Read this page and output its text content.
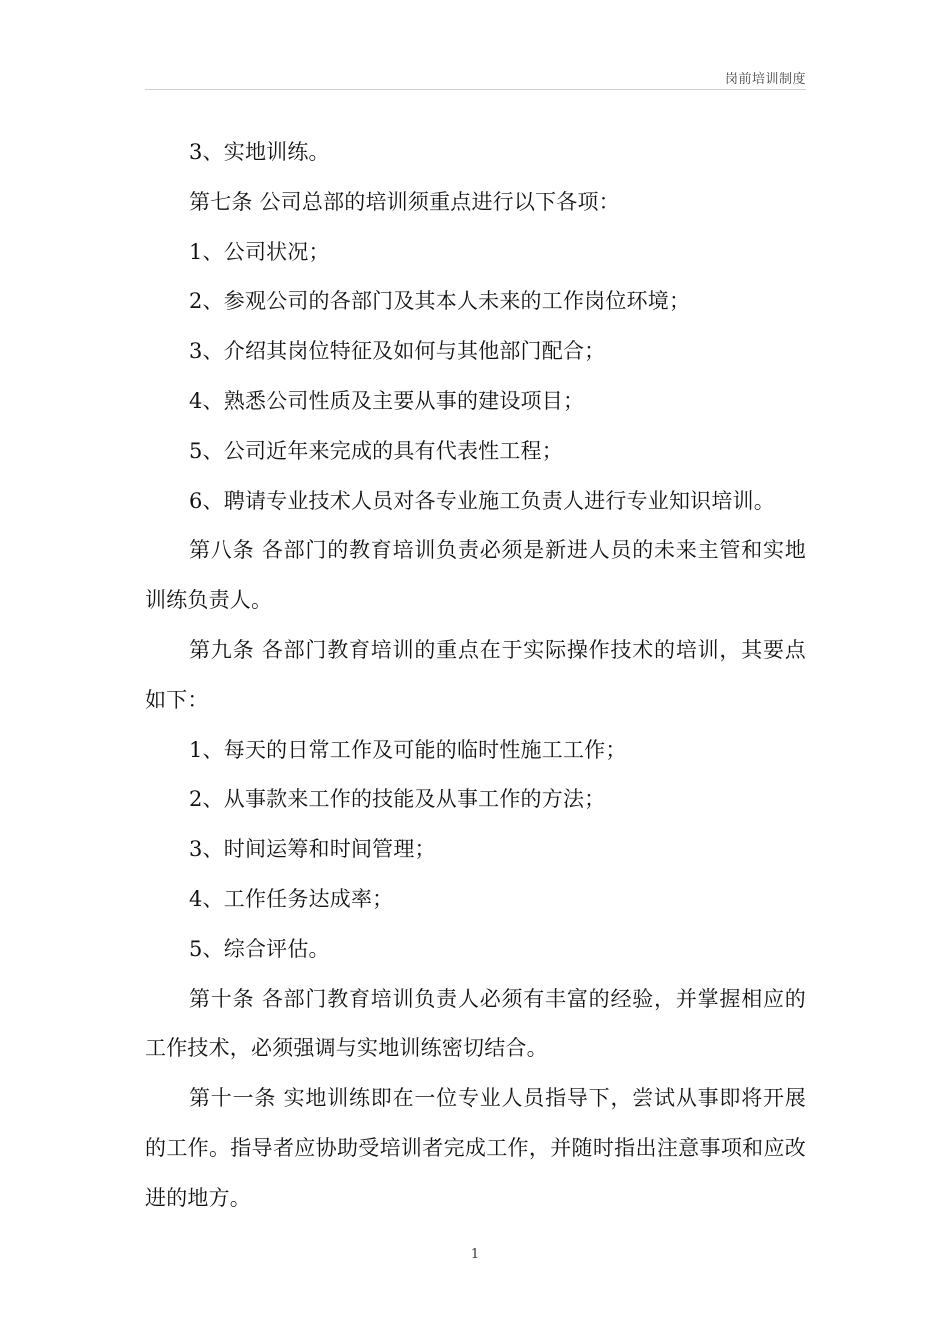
岗前培训制度

3、实地训练。

第七条 公司总部的培训须重点进行以下各项：

1、公司状况；

2、参观公司的各部门及其本人未来的工作岗位环境；

3、介绍其岗位特征及如何与其他部门配合；

4、熟悉公司性质及主要从事的建设项目；

5、公司近年来完成的具有代表性工程；

6、聘请专业技术人员对各专业施工负责人进行专业知识培训。

第八条 各部门的教育培训负责必须是新进人员的未来主管和实地训练负责人。

第九条 各部门教育培训的重点在于实际操作技术的培训，其要点如下：

1、每天的日常工作及可能的临时性施工工作；

2、从事款来工作的技能及从事工作的方法；

3、时间运筹和时间管理；

4、工作任务达成率；

5、综合评估。

第十条 各部门教育培训负责人必须有丰富的经验，并掌握相应的工作技术，必须强调与实地训练密切结合。

第十一条 实地训练即在一位专业人员指导下，尝试从事即将开展的工作。指导者应协助受培训者完成工作，并随时指出注意事项和应改进的地方。

1
